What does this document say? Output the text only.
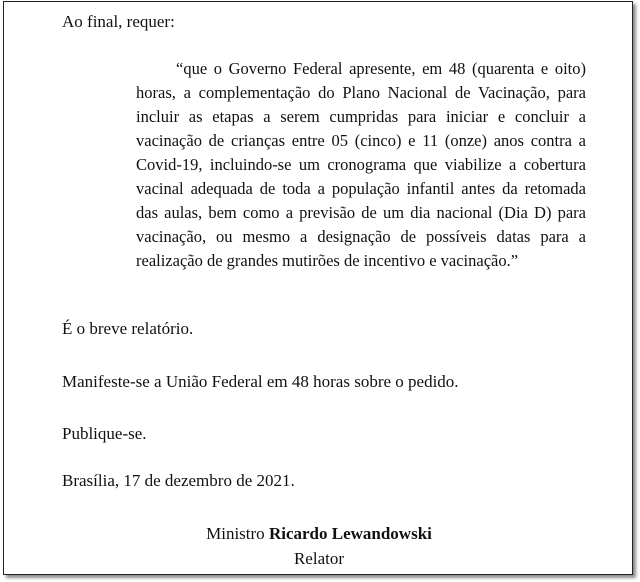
Ao final, requer:

“que o Governo Federal apresente, em 48 (quarenta e oito) horas, a complementação do Plano Nacional de Vacinação, para incluir as etapas a serem cumpridas para iniciar e concluir a vacinação de crianças entre 05 (cinco) e 11 (onze) anos contra a Covid-19, incluindo-se um cronograma que viabilize a cobertura vacinal adequada de toda a população infantil antes da retomada das aulas, bem como a previsão de um dia nacional (Dia D) para vacinação, ou mesmo a designação de possíveis datas para a realização de grandes mutirões de incentivo e vacinação.”

É o breve relatório.

Manifeste-se a União Federal em 48 horas sobre o pedido.

Publique-se.

Brasília, 17 de dezembro de 2021.

Ministro Ricardo Lewandowski

Relator
